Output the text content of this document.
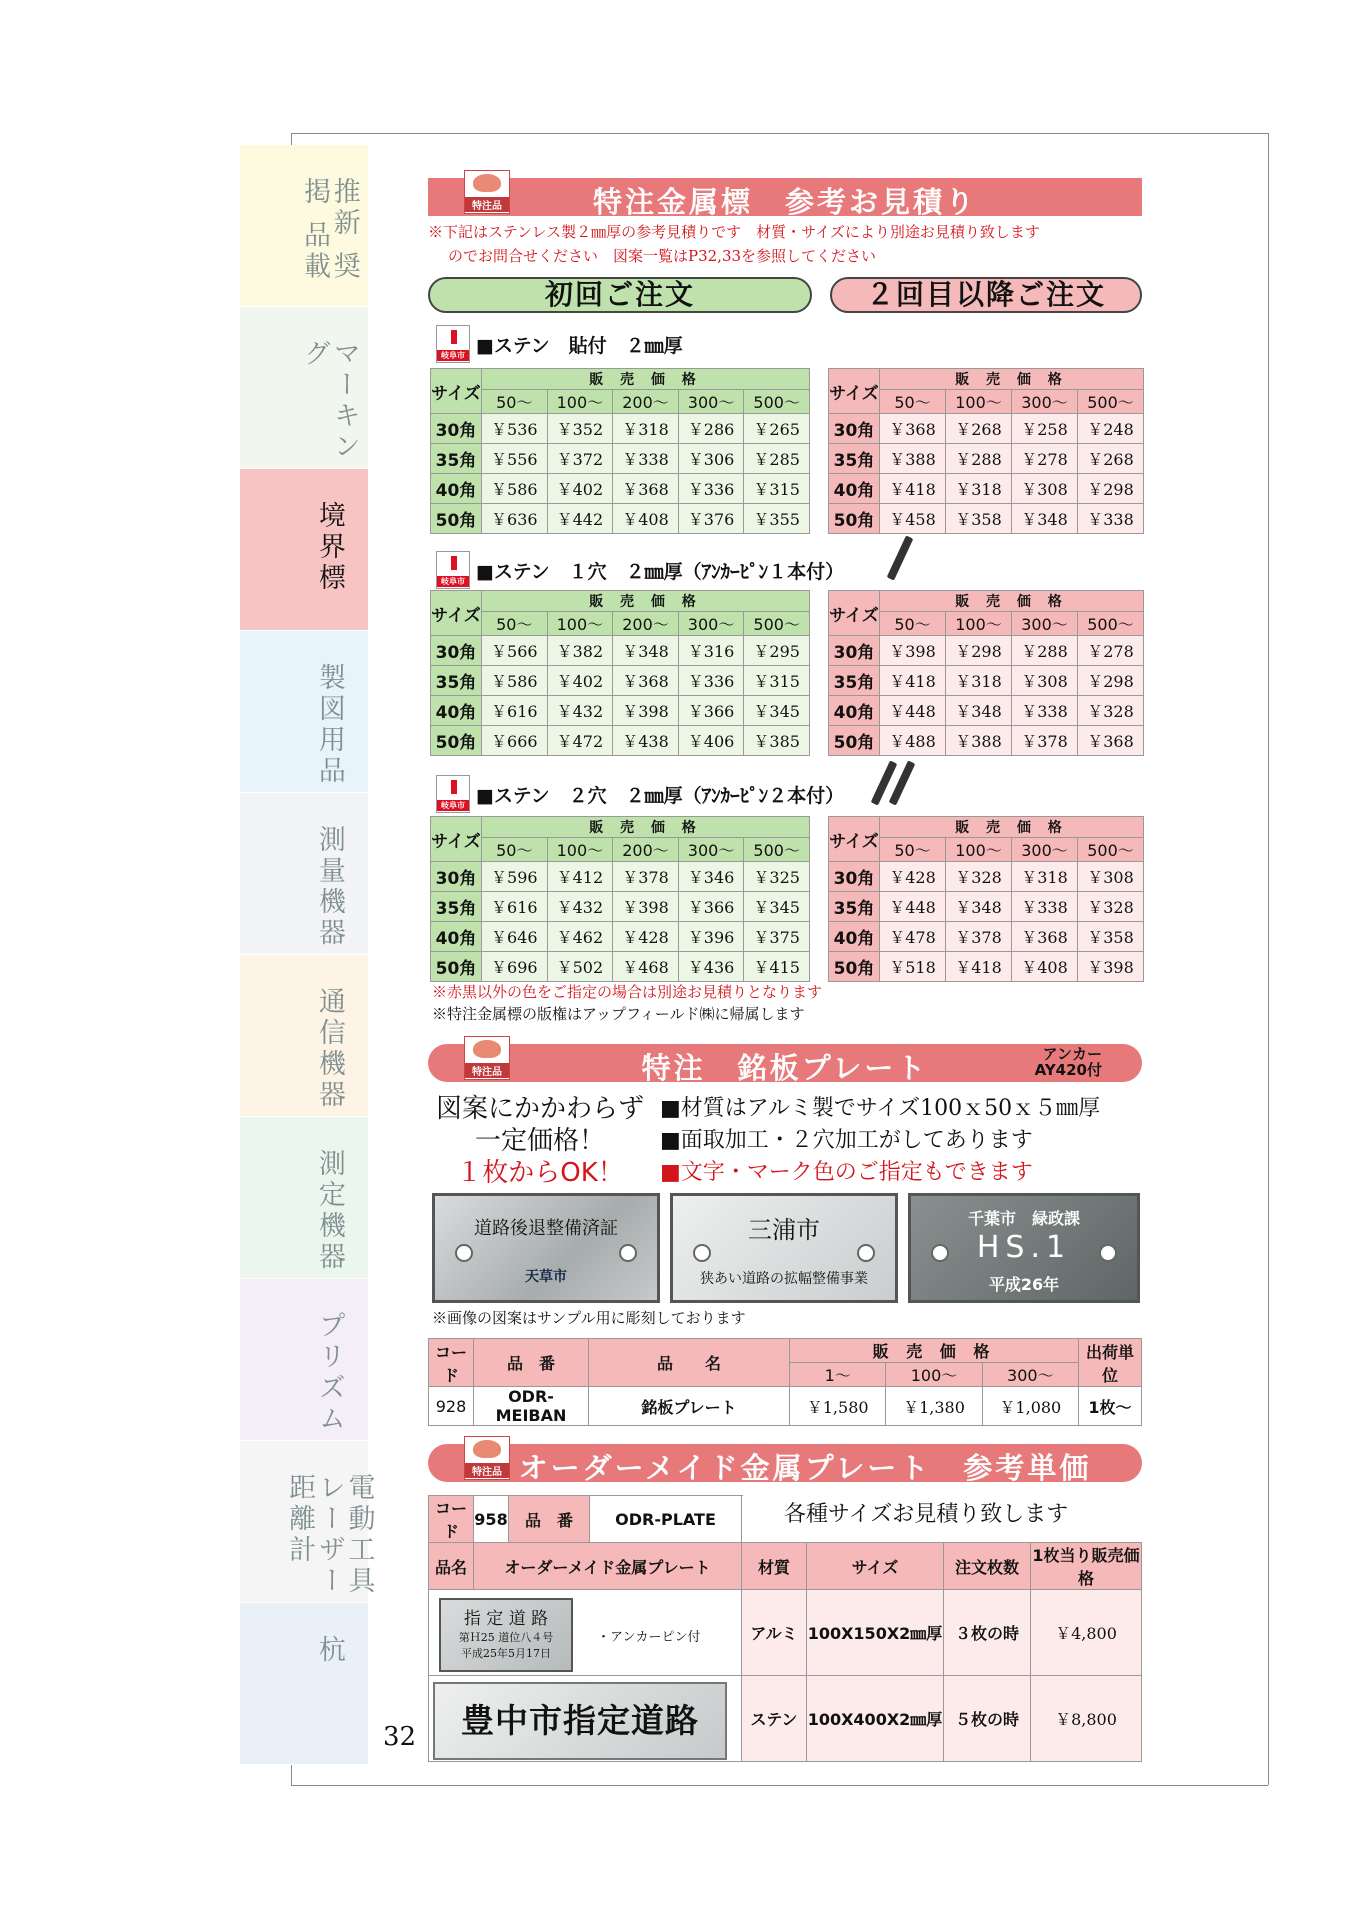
推新 奨掲 品載
マーキング
境界標
製図用品
測量機器
通信機器
測定機器
プリズム
電動工具 レーザー距離計
杭
32
特注品	特注金属標　参考お見積り
※下記はステンレス製２㎜厚の参考見積りです　材質・サイズにより別途お見積り致します
のでお問合せください　図案一覧はP32,33を参照してください
初回ご注文	２回目以降ご注文
岐阜市 ■ステン　貼付　２㎜厚
サイズ	販 売 価 格				
	50～	100～	200～	300～	500～
30角	￥536	￥352	￥318	￥286	￥265
35角	￥556	￥372	￥338	￥306	￥285
40角	￥586	￥402	￥368	￥336	￥315
50角	￥636	￥442	￥408	￥376	￥355
サイズ	販 売 価 格			
	50～	100～	300～	500～
30角	￥368	￥268	￥258	￥248
35角	￥388	￥288	￥278	￥268
40角	￥418	￥318	￥308	￥298
50角	￥458	￥358	￥348	￥338
岐阜市 ■ステン　１穴　２㎜厚（ｱﾝｶｰﾋﾟﾝ１本付）
サイズ	販 売 価 格				
	50～	100～	200～	300～	500～
30角	￥566	￥382	￥348	￥316	￥295
35角	￥586	￥402	￥368	￥336	￥315
40角	￥616	￥432	￥398	￥366	￥345
50角	￥666	￥472	￥438	￥406	￥385
サイズ	販 売 価 格			
	50～	100～	300～	500～
30角	￥398	￥298	￥288	￥278
35角	￥418	￥318	￥308	￥298
40角	￥448	￥348	￥338	￥328
50角	￥488	￥388	￥378	￥368
岐阜市 ■ステン　２穴　２㎜厚（ｱﾝｶｰﾋﾟﾝ２本付）
サイズ	販 売 価 格				
	50～	100～	200～	300～	500～
30角	￥596	￥412	￥378	￥346	￥325
35角	￥616	￥432	￥398	￥366	￥345
40角	￥646	￥462	￥428	￥396	￥375
50角	￥696	￥502	￥468	￥436	￥415
サイズ	販 売 価 格			
	50～	100～	300～	500～
30角	￥428	￥328	￥318	￥308
35角	￥448	￥348	￥338	￥328
40角	￥478	￥378	￥368	￥358
50角	￥518	￥418	￥408	￥398
※赤黒以外の色をご指定の場合は別途お見積りとなります
※特注金属標の版権はアップフィールド㈱に帰属します
特注品	特注　銘板プレート	アンカー
AY420付
図案にかかわらず
一定価格！
１枚からOK！
■材質はアルミ製でサイズ100ｘ50ｘ５㎜厚
■面取加工・２穴加工がしてあります
■文字・マーク色のご指定もできます
道路後退整備済証
天草市
三浦市
狭あい道路の拡幅整備事業
千葉市　緑政課
HS.1
平成26年
※画像の図案はサンプル用に彫刻しております
コード	品　番	品　　名	販 売 価 格			出荷単位
			1～	100～	300～	
928	ODR-MEIBAN	銘板プレート	￥1,580	￥1,380	￥1,080	1枚～
特注品 オーダーメイド金属プレート　参考単価
各種サイズお見積り致します
コード	958	品　番	ODR-PLATE				
品名	オーダーメイド金属プレート			材質	サイズ	注文枚数	1枚当り販売価格

指 定 道 路
第Ｈ25 道位八４号
平成25年5月17日
・アンカーピン付				アルミ	100X150X2㎜厚	３枚の時	￥4,800

豊中市指定道路				ステン	100X400X2㎜厚	５枚の時	￥8,800
